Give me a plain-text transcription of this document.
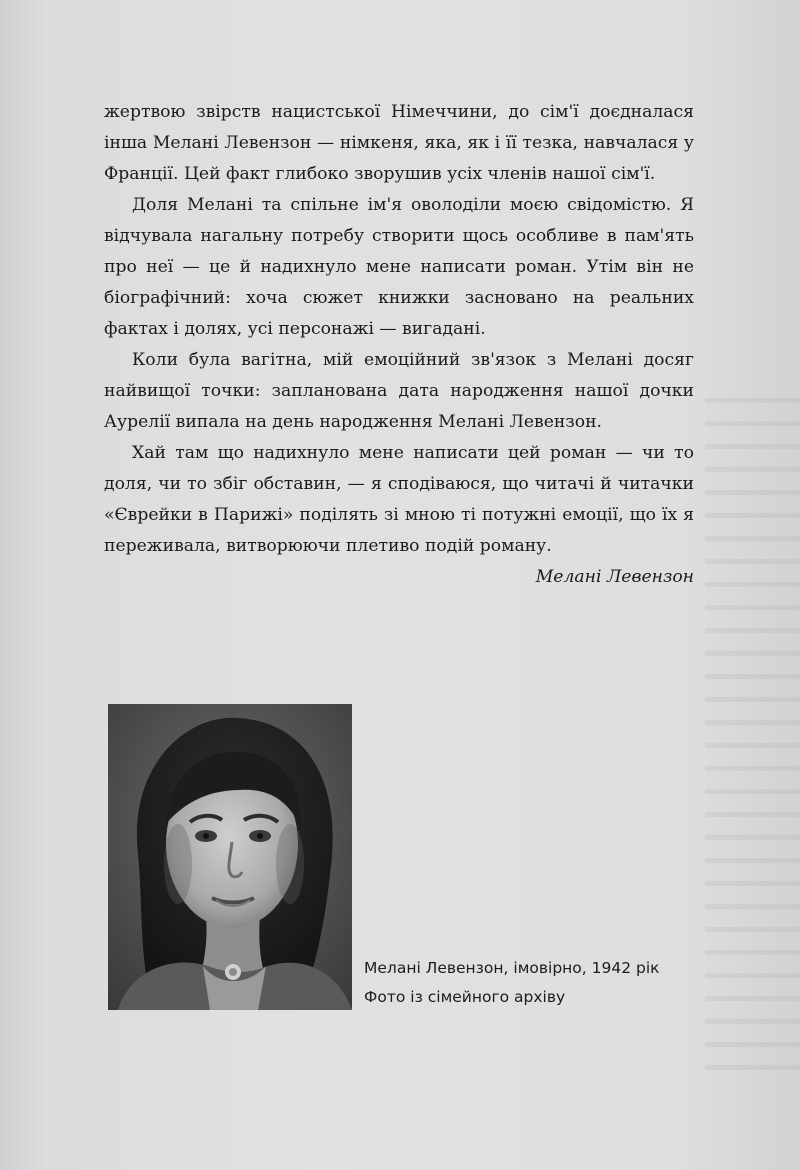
жертвою звірств нацистської Німеччини, до сім'ї доєдналася інша Мелані Левензон — німкеня, яка, як і її тезка, навчалася у Франції. Цей факт глибоко зворушив усіх членів нашої сім'ї.

Доля Мелані та спільне ім'я оволоділи моєю свідомістю. Я відчувала нагальну потребу створити щось особливе в пам'ять про неї — це й надихнуло мене написати роман. Утім він не біографічний: хоча сюжет книжки засновано на реальних фактах і долях, усі персонажі — вигадані.

Коли була вагітна, мій емоційний зв'язок з Мелані досяг найвищої точки: запланована дата народження нашої дочки Аурелії випала на день народження Мелані Левензон.

Хай там що надихнуло мене написати цей роман — чи то доля, чи то збіг обставин, — я сподіваюся, що читачі й читачки «Єврейки в Парижі» поділять зі мною ті потужні емоції, що їх я переживала, витворюючи плетиво подій роману.

Мелані Левензон

Мелані Левензон, імовірно, 1942 рік
Фото із сімейного архіву
